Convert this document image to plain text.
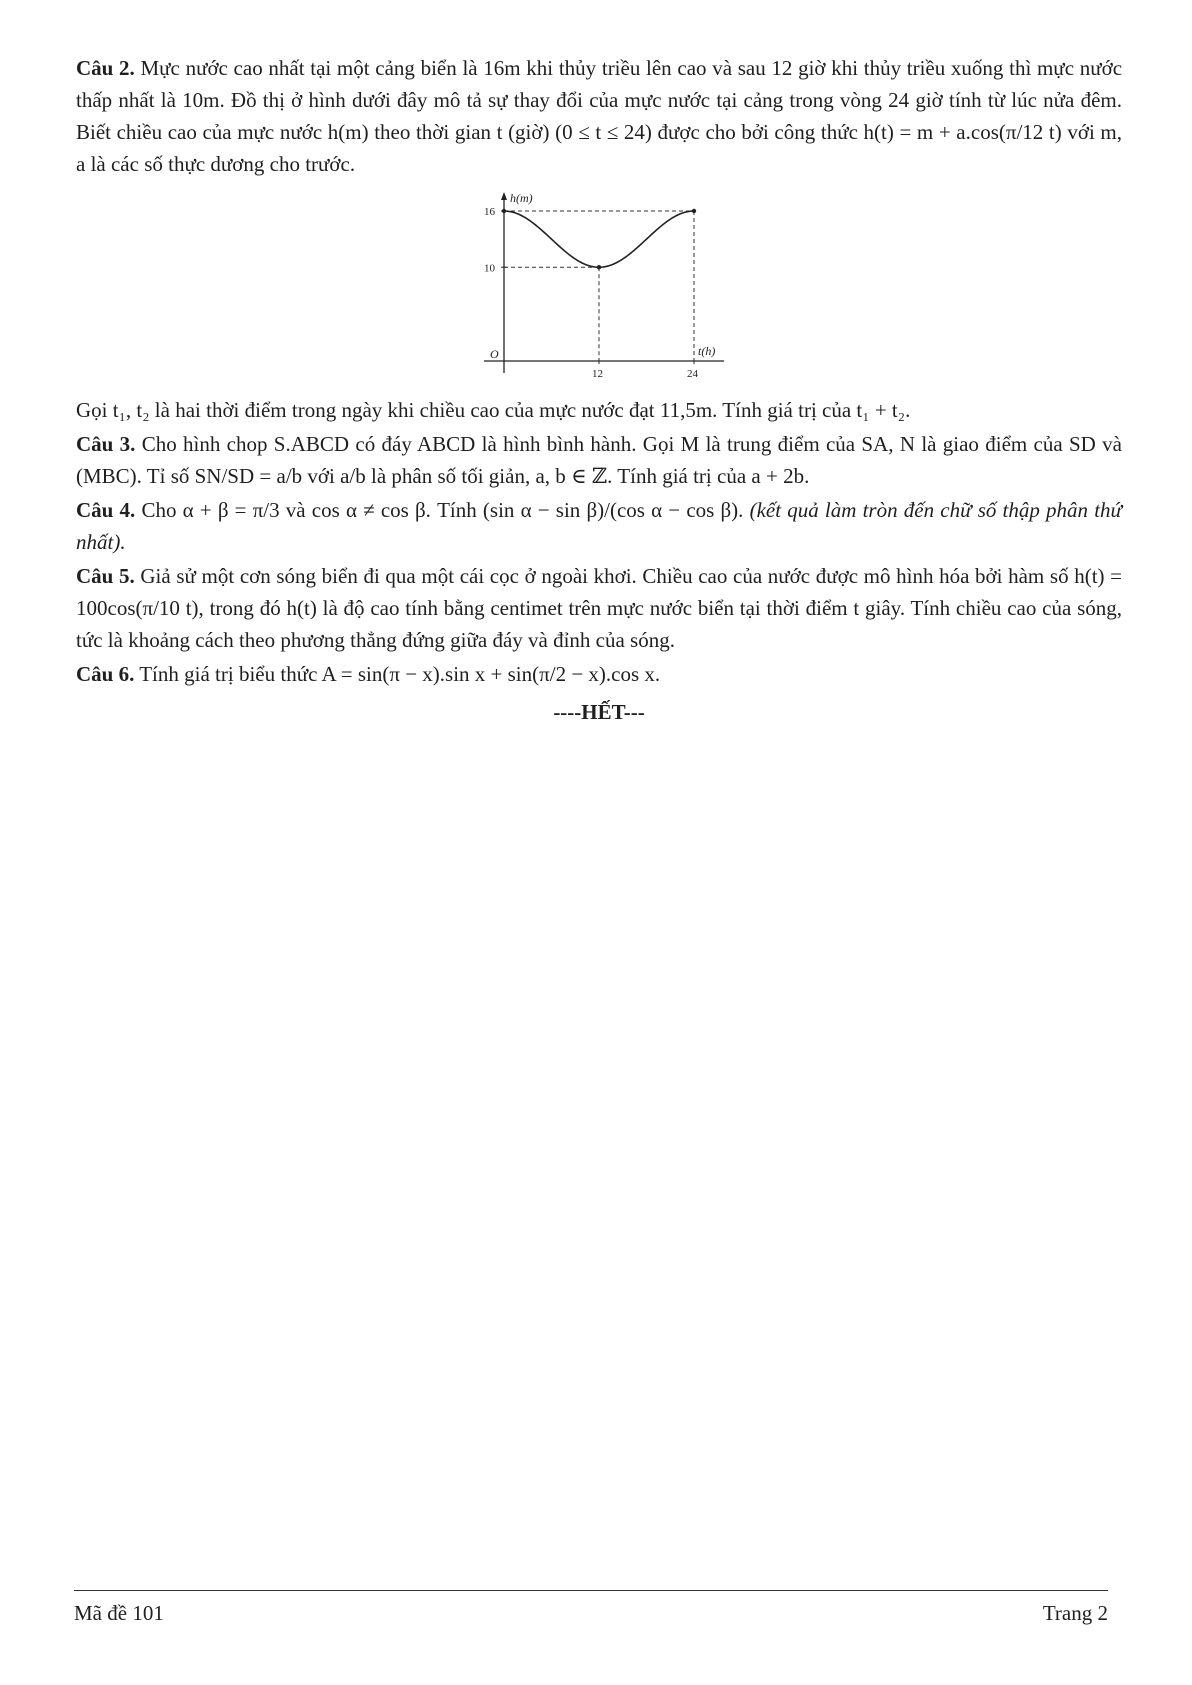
Câu 2. Mực nước cao nhất tại một cảng biển là 16m khi thủy triều lên cao và sau 12 giờ khi thủy triều xuống thì mực nước thấp nhất là 10m. Đồ thị ở hình dưới đây mô tả sự thay đổi của mực nước tại cảng trong vòng 24 giờ tính từ lúc nửa đêm. Biết chiều cao của mực nước h(m) theo thời gian t (giờ) (0 ≤ t ≤ 24) được cho bởi công thức h(t) = m + a.cos(π/12 t) với m, a là các số thực dương cho trước.

h(m)
t(h)
O
10
16
12	24

Gọi t₁, t₂ là hai thời điểm trong ngày khi chiều cao của mực nước đạt 11,5m. Tính giá trị của t₁ + t₂.

Câu 3. Cho hình chop S.ABCD có đáy ABCD là hình bình hành. Gọi M là trung điểm của SA, N là giao điểm của SD và (MBC). Tỉ số SN/SD = a/b với a/b là phân số tối giản, a, b ∈ ℤ. Tính giá trị của a + 2b.

Câu 4. Cho α + β = π/3 và cos α ≠ cos β. Tính (sin α − sin β)/(cos α − cos β). (kết quả làm tròn đến chữ số thập phân thứ nhất).

Câu 5. Giả sử một cơn sóng biển đi qua một cái cọc ở ngoài khơi. Chiều cao của nước được mô hình hóa bởi hàm số h(t) = 100cos(π/10 t), trong đó h(t) là độ cao tính bằng centimet trên mực nước biển tại thời điểm t giây. Tính chiều cao của sóng, tức là khoảng cách theo phương thẳng đứng giữa đáy và đỉnh của sóng.

Câu 6. Tính giá trị biểu thức A = sin(π − x).sin x + sin(π/2 − x).cos x.

----HẾT---
Mã đề 101	Trang 2
